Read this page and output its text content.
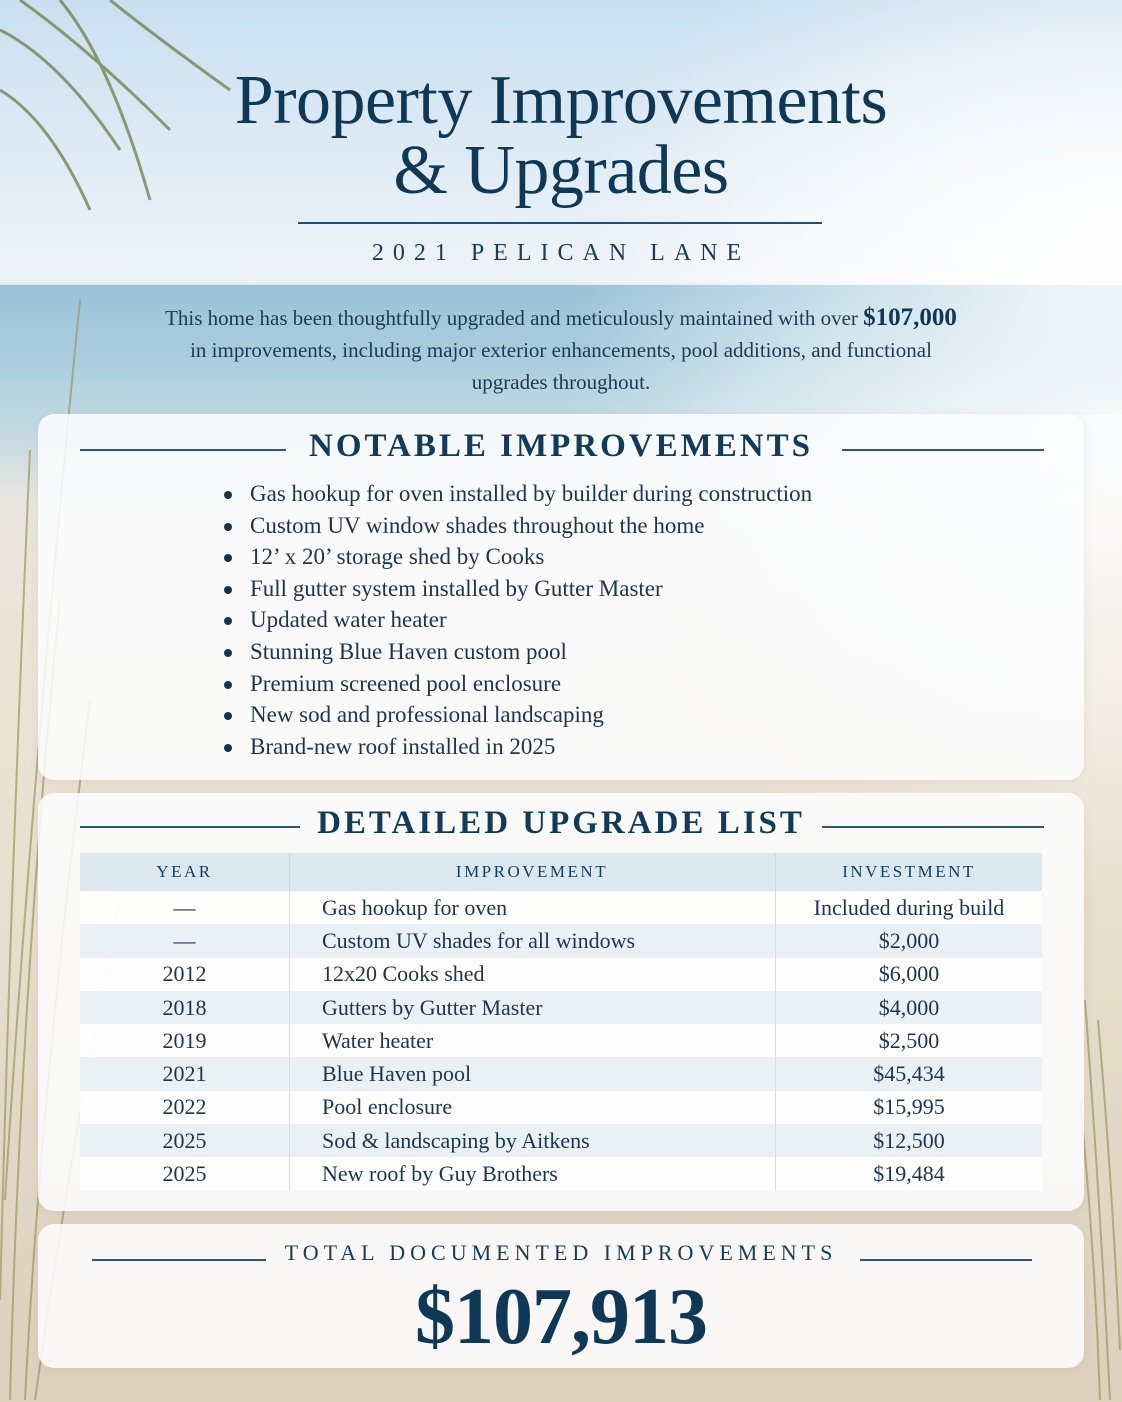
Property Improvements
& Upgrades
2021 PELICAN LANE

This home has been thoughtfully upgraded and meticulously maintained with over $107,000 in improvements, including major exterior enhancements, pool additions, and functional upgrades throughout.

NOTABLE IMPROVEMENTS
Gas hookup for oven installed by builder during construction
Custom UV window shades throughout the home
12’ x 20’ storage shed by Cooks
Full gutter system installed by Gutter Master
Updated water heater
Stunning Blue Haven custom pool
Premium screened pool enclosure
New sod and professional landscaping
Brand-new roof installed in 2025
DETAILED UPGRADE LIST
YEAR	IMPROVEMENT	INVESTMENT
—	Gas hookup for oven	Included during build
—	Custom UV shades for all windows	$2,000
2012	12x20 Cooks shed	$6,000
2018	Gutters by Gutter Master	$4,000
2019	Water heater	$2,500
2021	Blue Haven pool	$45,434
2022	Pool enclosure	$15,995
2025	Sod & landscaping by Aitkens	$12,500
2025	New roof by Guy Brothers	$19,484
TOTAL DOCUMENTED IMPROVEMENTS
$107,913
